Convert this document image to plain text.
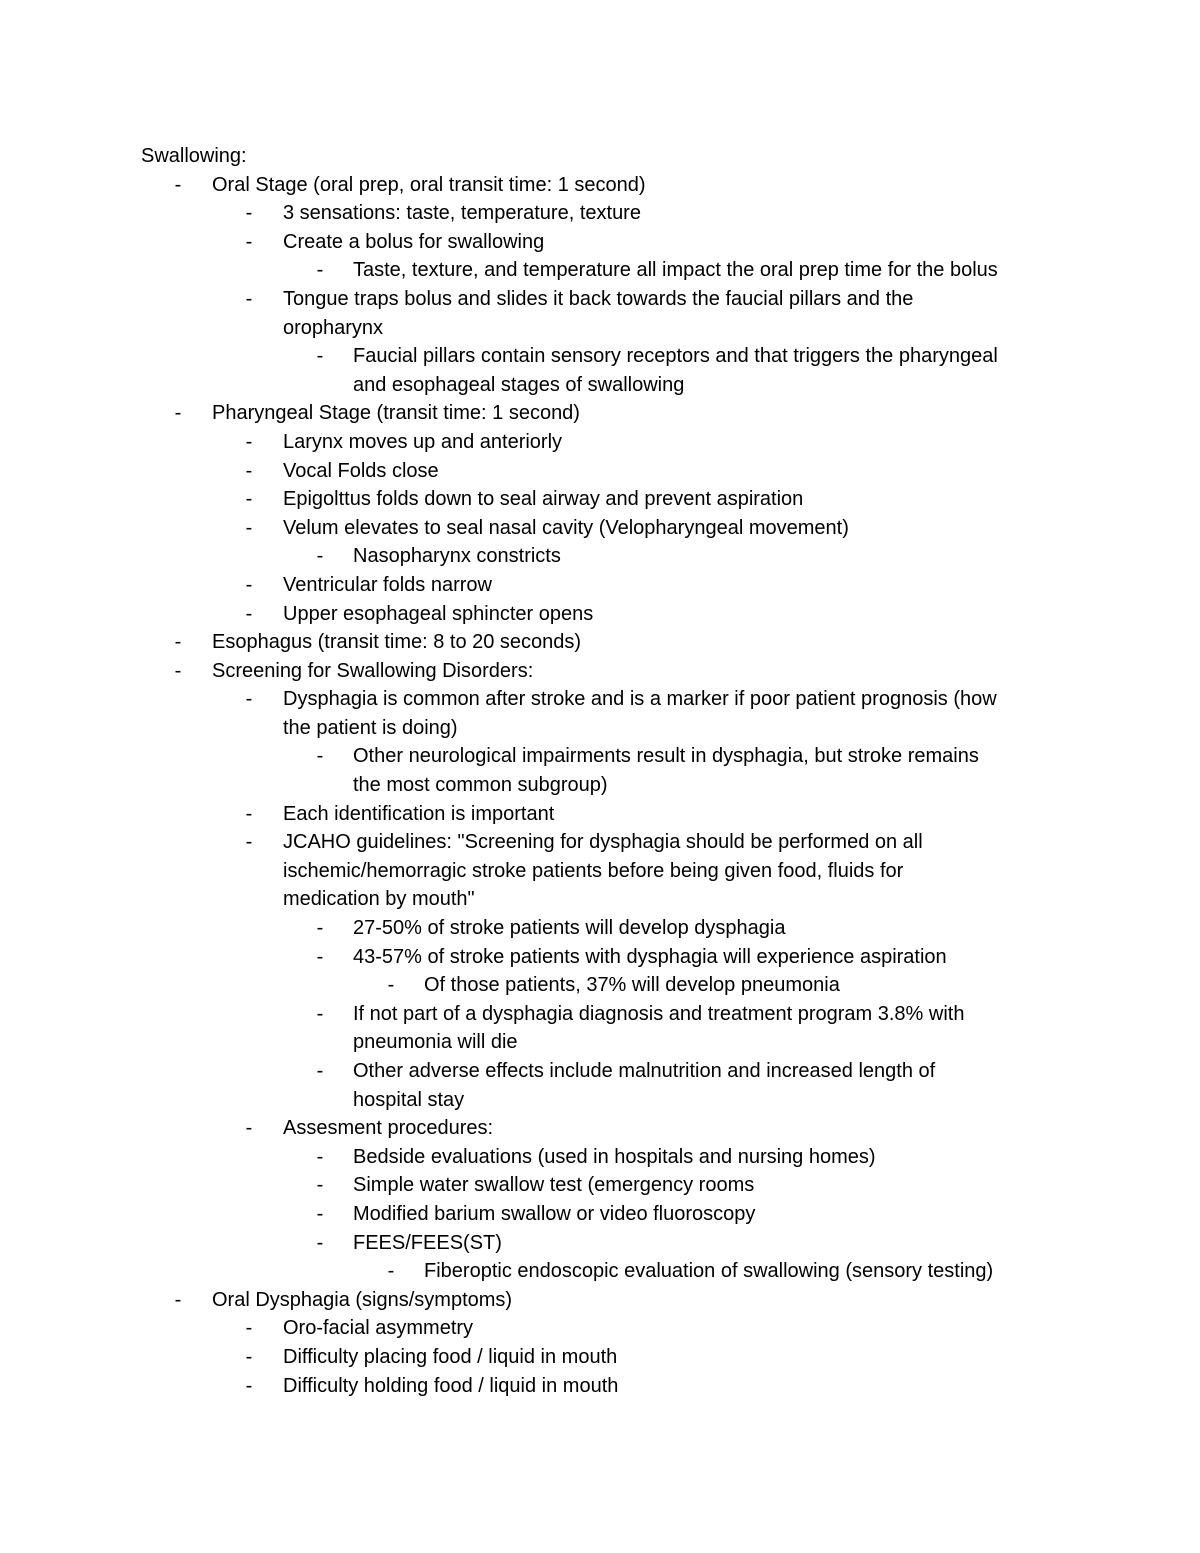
Swallowing:
-	Oral Stage (oral prep, oral transit time: 1 second)
-	3 sensations: taste, temperature, texture
-	Create a bolus for swallowing
-	Taste, texture, and temperature all impact the oral prep time for the bolus
-	Tongue traps bolus and slides it back towards the faucial pillars and the
oropharynx
-	Faucial pillars contain sensory receptors and that triggers the pharyngeal
and esophageal stages of swallowing
-	Pharyngeal Stage (transit time: 1 second)
-	Larynx moves up and anteriorly
-	Vocal Folds close
-	Epigolttus folds down to seal airway and prevent aspiration
-	Velum elevates to seal nasal cavity (Velopharyngeal movement)
-	Nasopharynx constricts
-	Ventricular folds narrow
-	Upper esophageal sphincter opens
-	Esophagus (transit time: 8 to 20 seconds)
-	Screening for Swallowing Disorders:
-	Dysphagia is common after stroke and is a marker if poor patient prognosis (how
the patient is doing)
-	Other neurological impairments result in dysphagia, but stroke remains
the most common subgroup)
-	Each identification is important
-	JCAHO guidelines: "Screening for dysphagia should be performed on all
ischemic/hemorragic stroke patients before being given food, fluids for
medication by mouth"
-	27-50% of stroke patients will develop dysphagia
-	43-57% of stroke patients with dysphagia will experience aspiration
-	Of those patients, 37% will develop pneumonia
-	If not part of a dysphagia diagnosis and treatment program 3.8% with
pneumonia will die
-	Other adverse effects include malnutrition and increased length of
hospital stay
-	Assesment procedures:
-	Bedside evaluations (used in hospitals and nursing homes)
-	Simple water swallow test (emergency rooms
-	Modified barium swallow or video fluoroscopy
-	FEES/FEES(ST)
-	Fiberoptic endoscopic evaluation of swallowing (sensory testing)
-	Oral Dysphagia (signs/symptoms)
-	Oro-facial asymmetry
-	Difficulty placing food / liquid in mouth
-	Difficulty holding food / liquid in mouth
